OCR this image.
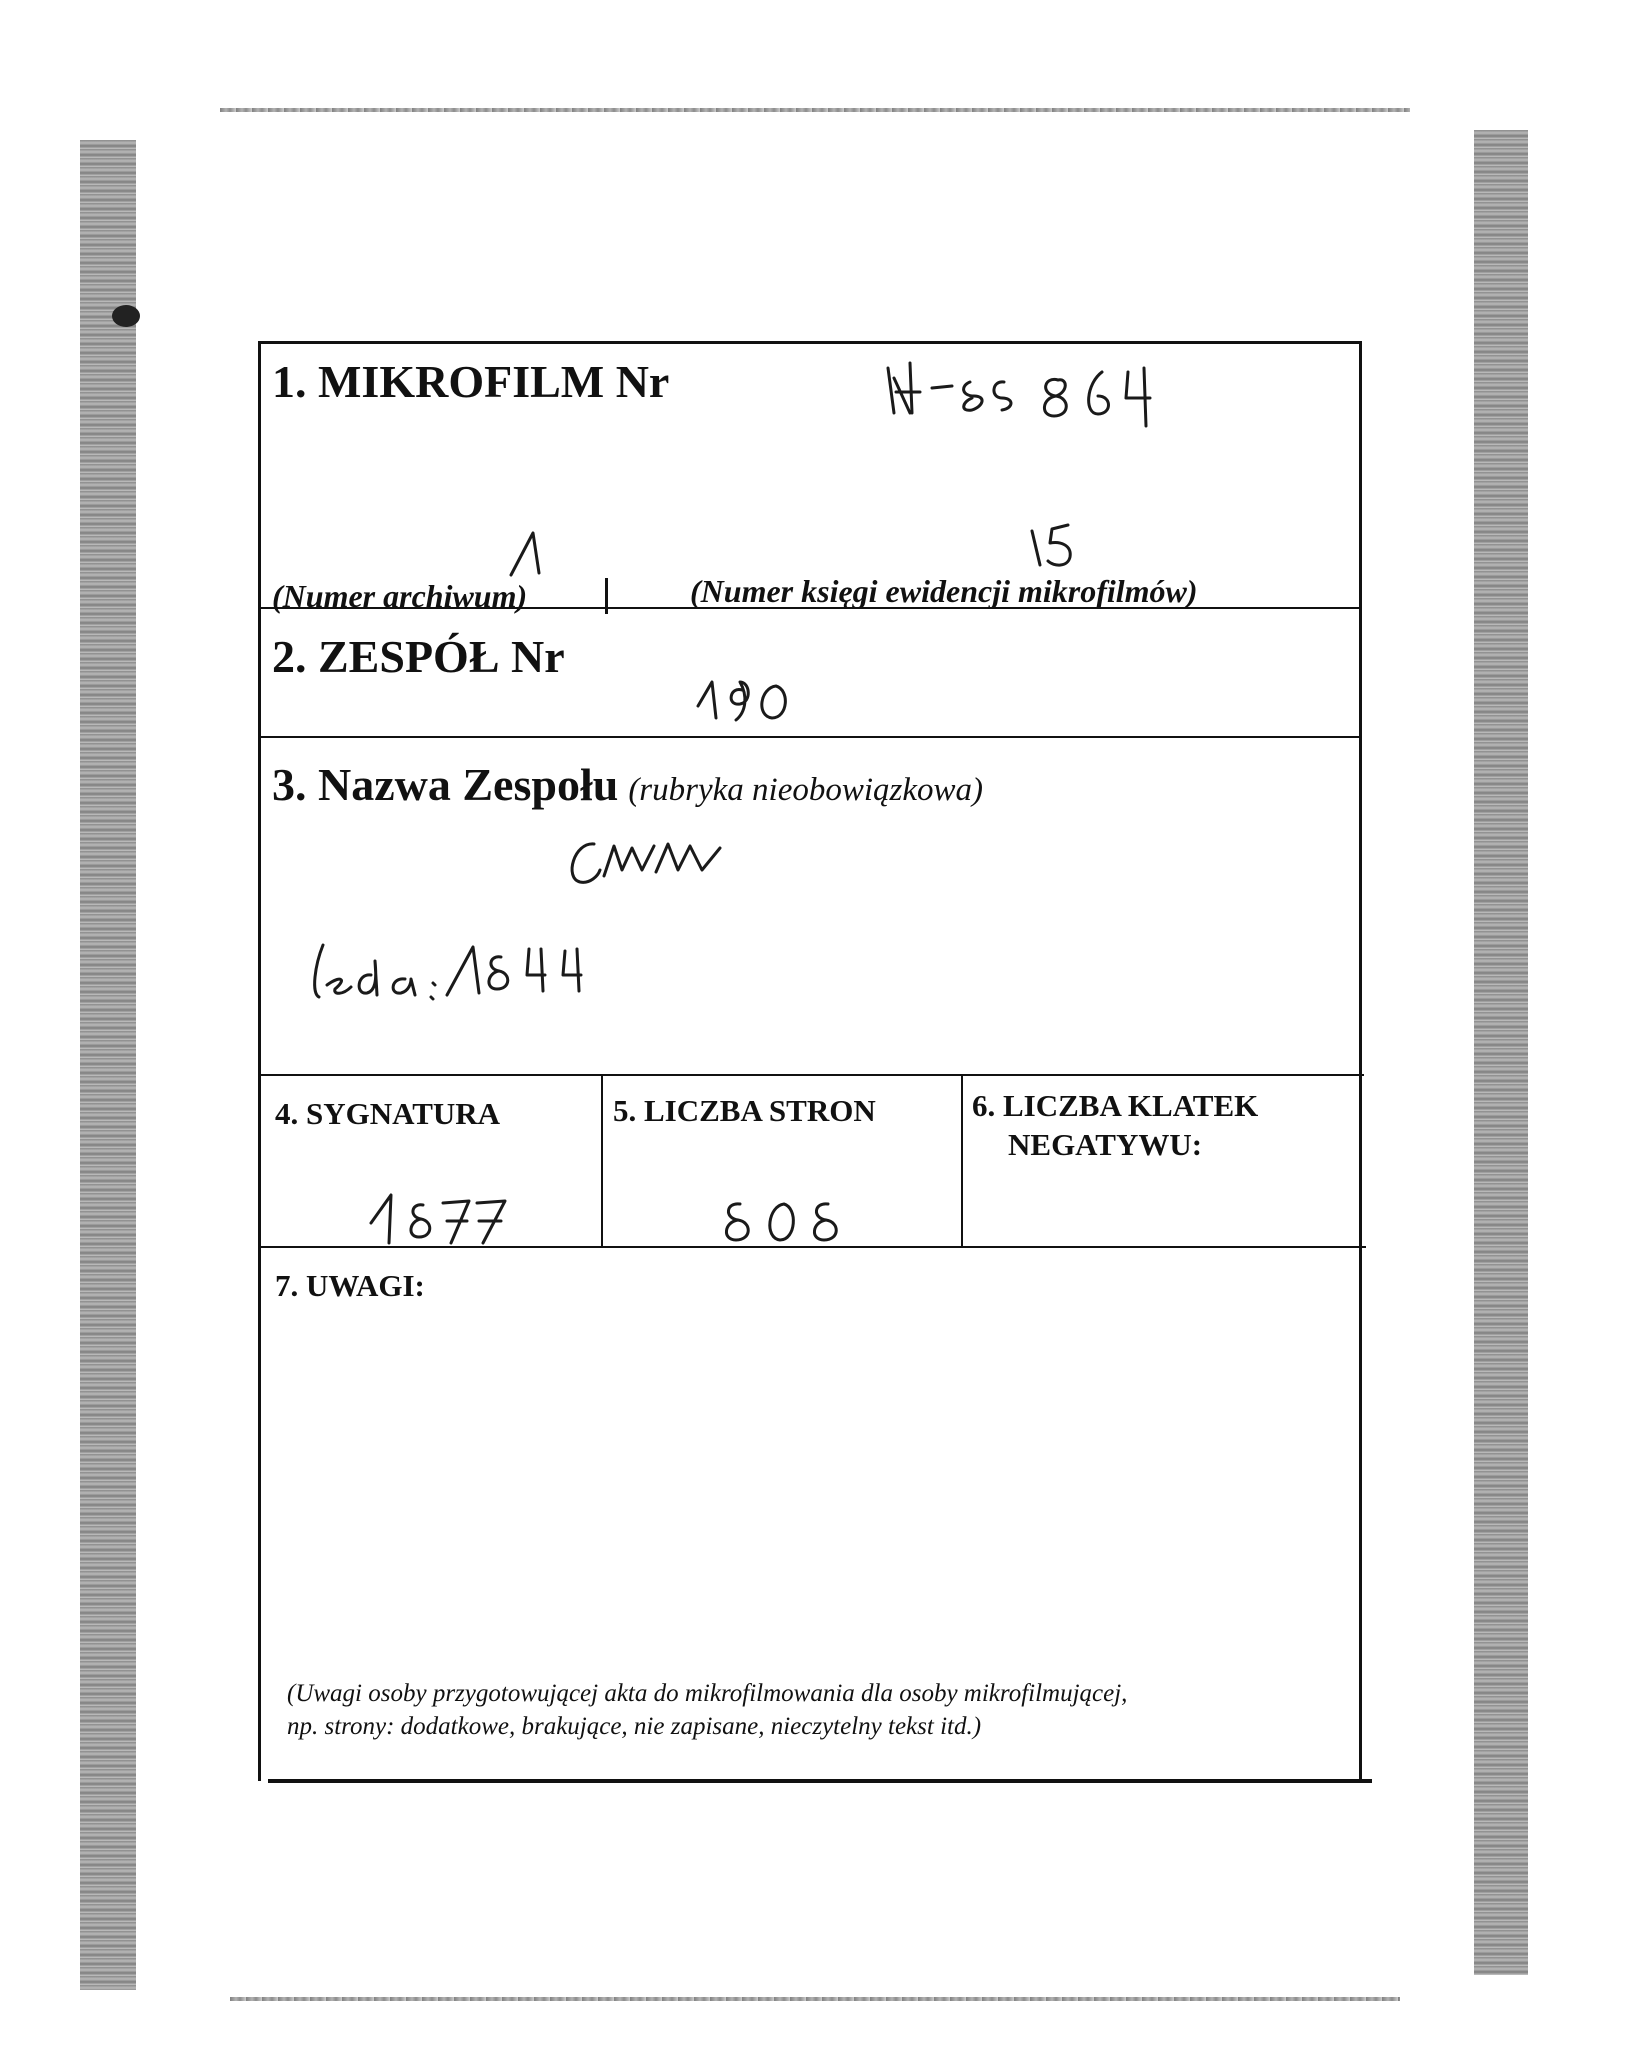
1. MIKROFILM Nr
(Numer archiwum)	(Numer księgi ewidencji mikrofilmów)
2. ZESPÓŁ Nr
3. Nazwa Zespołu (rubryka nieobowiązkowa)
4. SYGNATURA	5. LICZBA STRON	6. LICZBA KLATEK
NEGATYWU:
7. UWAGI:
(Uwagi osoby przygotowującej akta do mikrofilmowania dla osoby mikrofilmującej,
np. strony: dodatkowe, brakujące, nie zapisane, nieczytelny tekst itd.)
